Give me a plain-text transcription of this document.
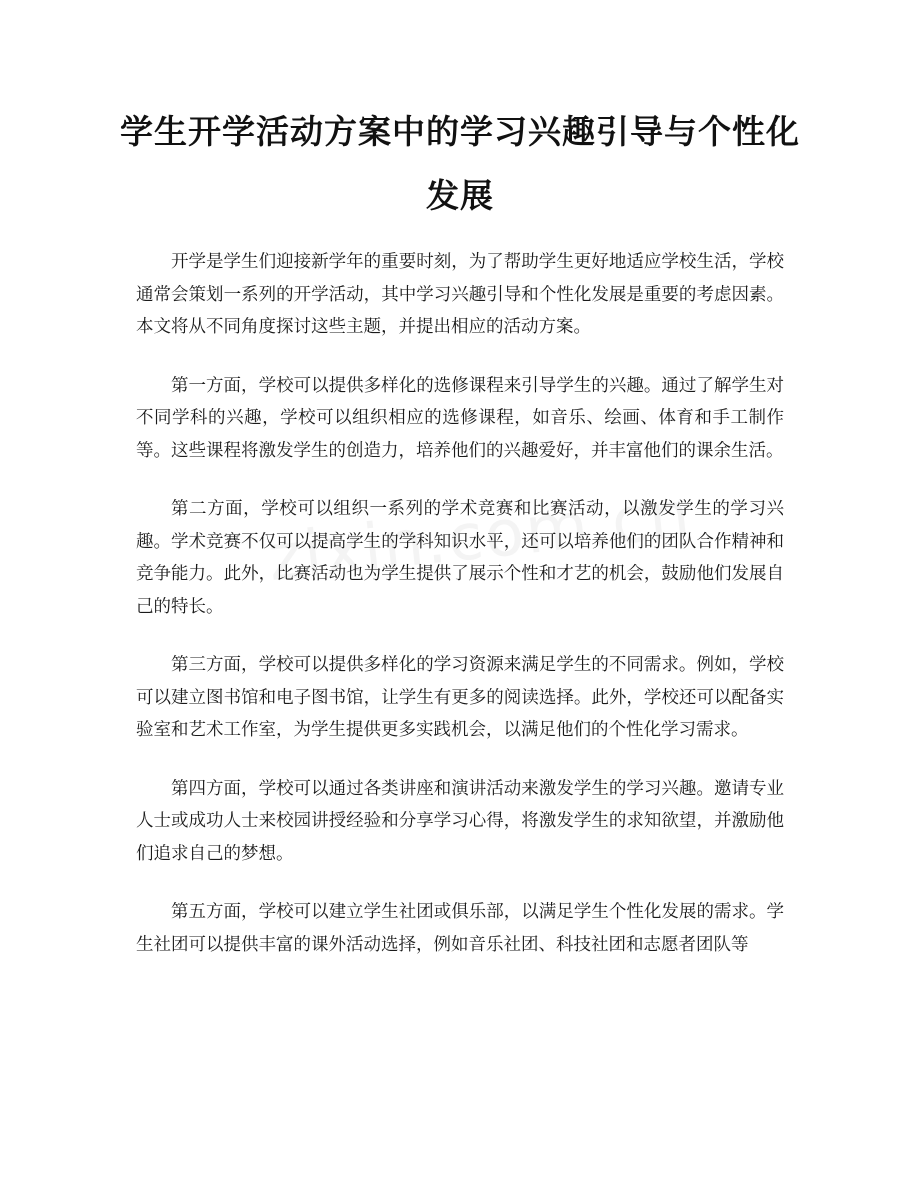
学生开学活动方案中的学习兴趣引导与个性化发展

开学是学生们迎接新学年的重要时刻，为了帮助学生更好地适应学校生活，学校通常会策划一系列的开学活动，其中学习兴趣引导和个性化发展是重要的考虑因素。本文将从不同角度探讨这些主题，并提出相应的活动方案。

第一方面，学校可以提供多样化的选修课程来引导学生的兴趣。通过了解学生对不同学科的兴趣，学校可以组织相应的选修课程，如音乐、绘画、体育和手工制作等。这些课程将激发学生的创造力，培养他们的兴趣爱好，并丰富他们的课余生活。

第二方面，学校可以组织一系列的学术竞赛和比赛活动，以激发学生的学习兴趣。学术竞赛不仅可以提高学生的学科知识水平，还可以培养他们的团队合作精神和竞争能力。此外，比赛活动也为学生提供了展示个性和才艺的机会，鼓励他们发展自己的特长。

第三方面，学校可以提供多样化的学习资源来满足学生的不同需求。例如，学校可以建立图书馆和电子图书馆，让学生有更多的阅读选择。此外，学校还可以配备实验室和艺术工作室，为学生提供更多实践机会，以满足他们的个性化学习需求。

第四方面，学校可以通过各类讲座和演讲活动来激发学生的学习兴趣。邀请专业人士或成功人士来校园讲授经验和分享学习心得，将激发学生的求知欲望，并激励他们追求自己的梦想。

第五方面，学校可以建立学生社团或俱乐部，以满足学生个性化发展的需求。学生社团可以提供丰富的课外活动选择，例如音乐社团、科技社团和志愿者团队等
